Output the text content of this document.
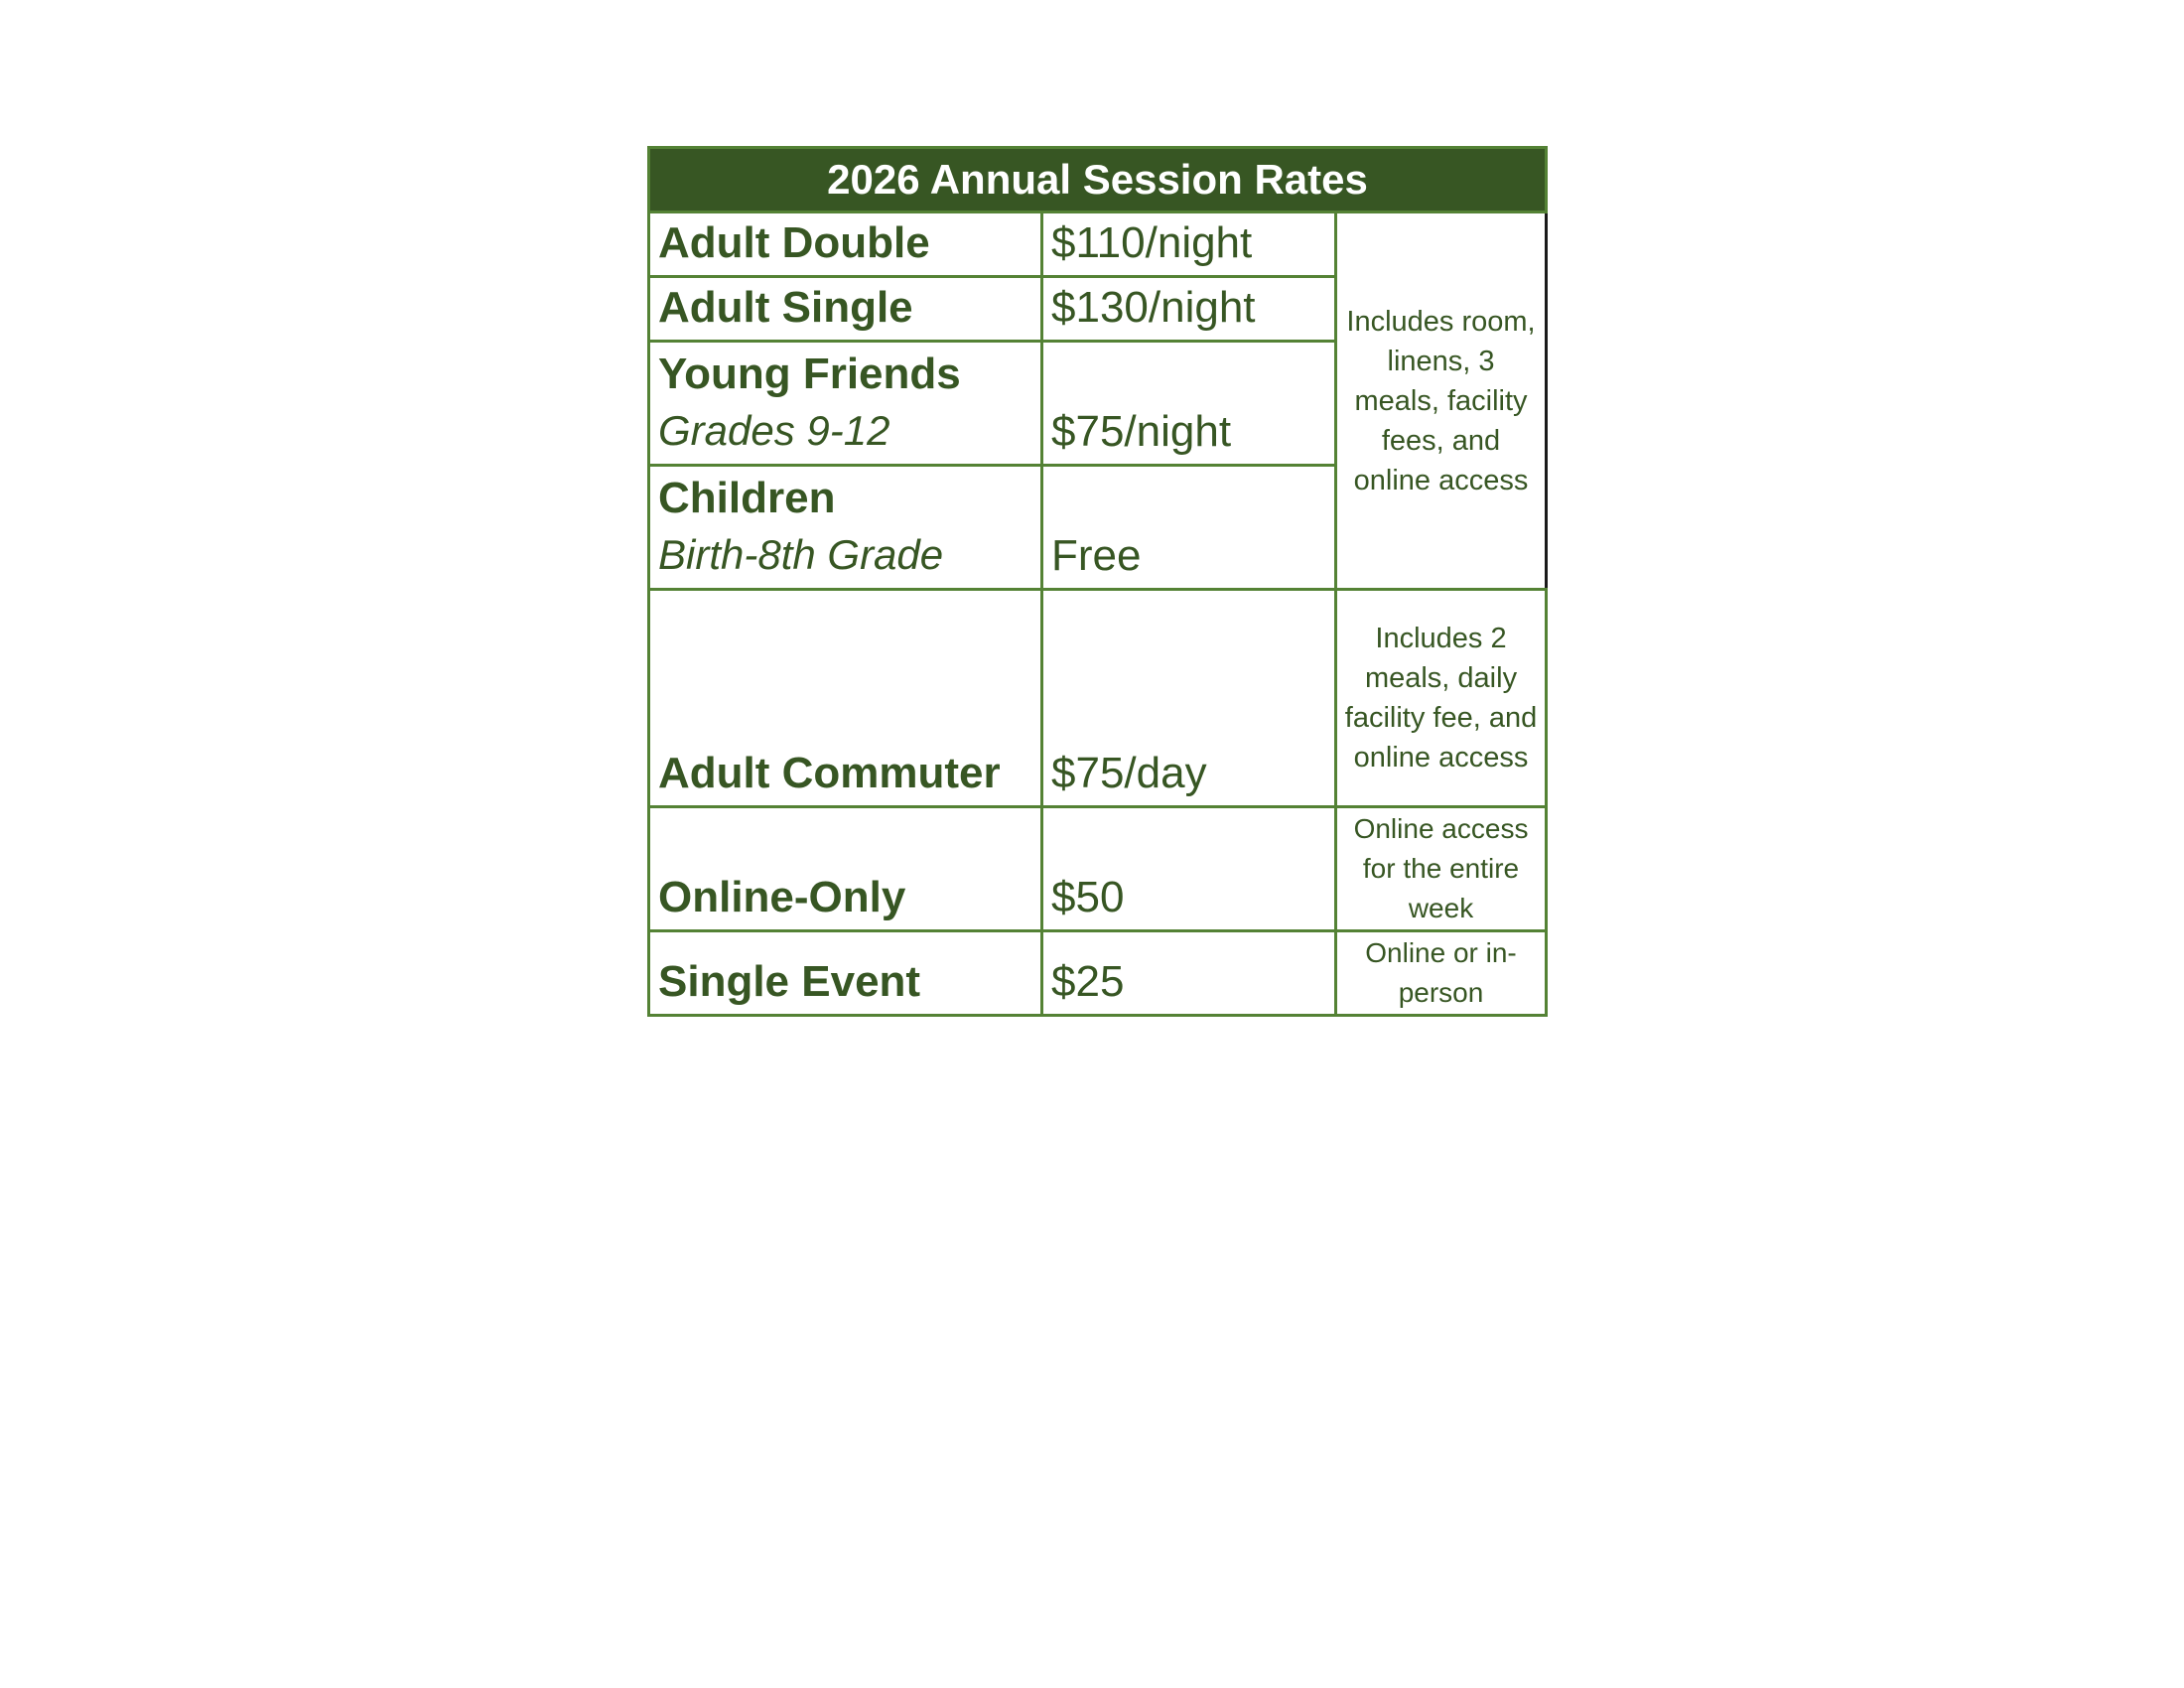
2026 Annual Session Rates		

Adult Double	$110/night	Includes room, linens, 3 meals, facility fees, and online access

Adult Single	$130/night	

Young Friends
Grades 9-12	$75/night	

Children
Birth-8th Grade	Free	

Adult Commuter	$75/day	Includes 2 meals, daily facility fee, and online access

Online-Only	$50	Online access for the entire week

Single Event	$25	Online or in-person
